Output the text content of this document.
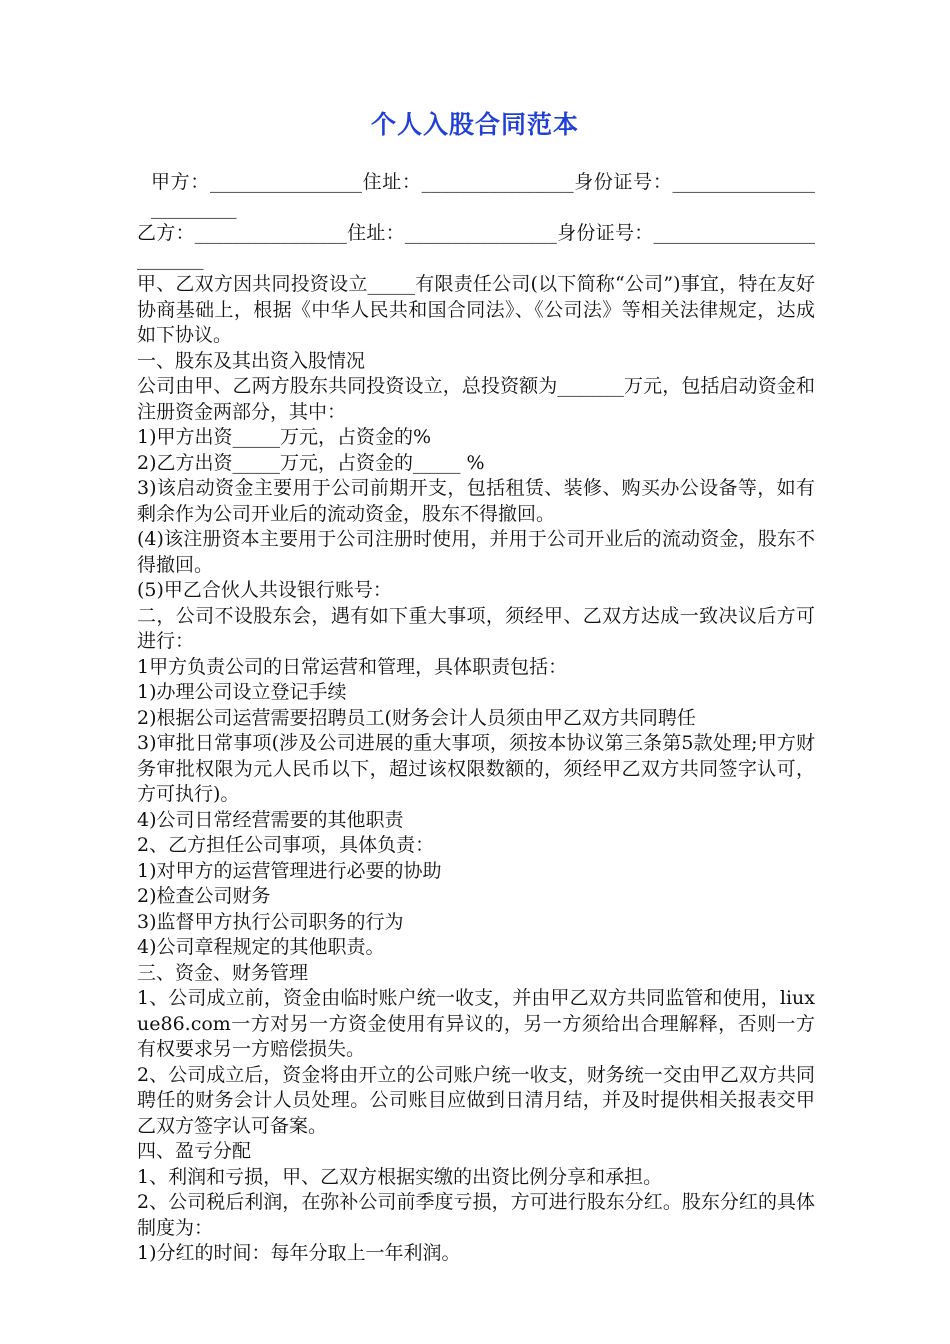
个人入股合同范本

甲方：________________住址：________________身份证号：________________________

乙方：________________住址：________________身份证号：________________________

甲、乙双方因共同投资设立_____有限责任公司(以下简称“公司”)事宜，特在友好协商基础上，根据《中华人民共和国合同法》、《公司法》等相关法律规定，达成如下协议。

一、股东及其出资入股情况

公司由甲、乙两方股东共同投资设立，总投资额为_______万元，包括启动资金和注册资金两部分，其中：

1)甲方出资_____万元，占资金的%

2)乙方出资_____万元，占资金的_____ %

3)该启动资金主要用于公司前期开支，包括租赁、装修、购买办公设备等，如有剩余作为公司开业后的流动资金，股东不得撤回。

(4)该注册资本主要用于公司注册时使用，并用于公司开业后的流动资金，股东不得撤回。

(5)甲乙合伙人共设银行账号：

二，公司不设股东会，遇有如下重大事项，须经甲、乙双方达成一致决议后方可进行：

1甲方负责公司的日常运营和管理，具体职责包括：

1)办理公司设立登记手续

2)根据公司运营需要招聘员工(财务会计人员须由甲乙双方共同聘任

3)审批日常事项(涉及公司进展的重大事项，须按本协议第三条第5款处理;甲方财务审批权限为元人民币以下，超过该权限数额的，须经甲乙双方共同签字认可，方可执行)。

4)公司日常经营需要的其他职责

2、乙方担任公司事项，具体负责：

1)对甲方的运营管理进行必要的协助

2)检查公司财务

3)监督甲方执行公司职务的行为

4)公司章程规定的其他职责。

三、资金、财务管理

1、公司成立前，资金由临时账户统一收支，并由甲乙双方共同监管和使用，liuxue86.com一方对另一方资金使用有异议的，另一方须给出合理解释，否则一方有权要求另一方赔偿损失。

2、公司成立后，资金将由开立的公司账户统一收支，财务统一交由甲乙双方共同聘任的财务会计人员处理。公司账目应做到日清月结，并及时提供相关报表交甲乙双方签字认可备案。

四、盈亏分配

1、利润和亏损，甲、乙双方根据实缴的出资比例分享和承担。

2、公司税后利润，在弥补公司前季度亏损，方可进行股东分红。股东分红的具体制度为：

1)分红的时间：每年分取上一年利润。
